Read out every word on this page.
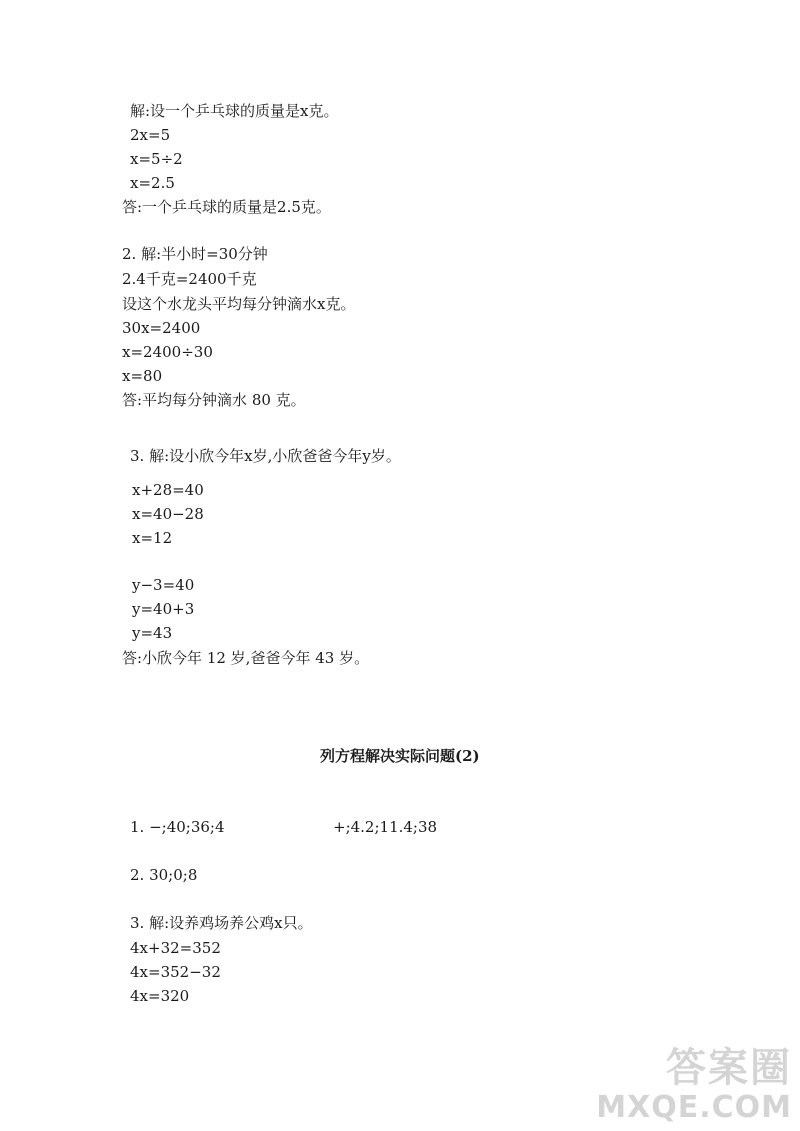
解:设一个乒乓球的质量是x克。
2x=5
x=5÷2
x=2.5
答:一个乒乓球的质量是2.5克。
2. 解:半小时=30分钟
2.4千克=2400千克
设这个水龙头平均每分钟滴水x克。
30x=2400
x=2400÷30
x=80
答:平均每分钟滴水 80 克。
3. 解:设小欣今年x岁,小欣爸爸今年y岁。
x+28=40
x=40−28
x=12
y−3=40
y=40+3
y=43
答:小欣今年 12 岁,爸爸今年 43 岁。
列方程解决实际问题(2)
1. −;40;36;4	+;4.2;11.4;38
2. 30;0;8
3. 解:设养鸡场养公鸡x只。
4x+32=352
4x=352−32
4x=320
答案圈
MXQE.COM
